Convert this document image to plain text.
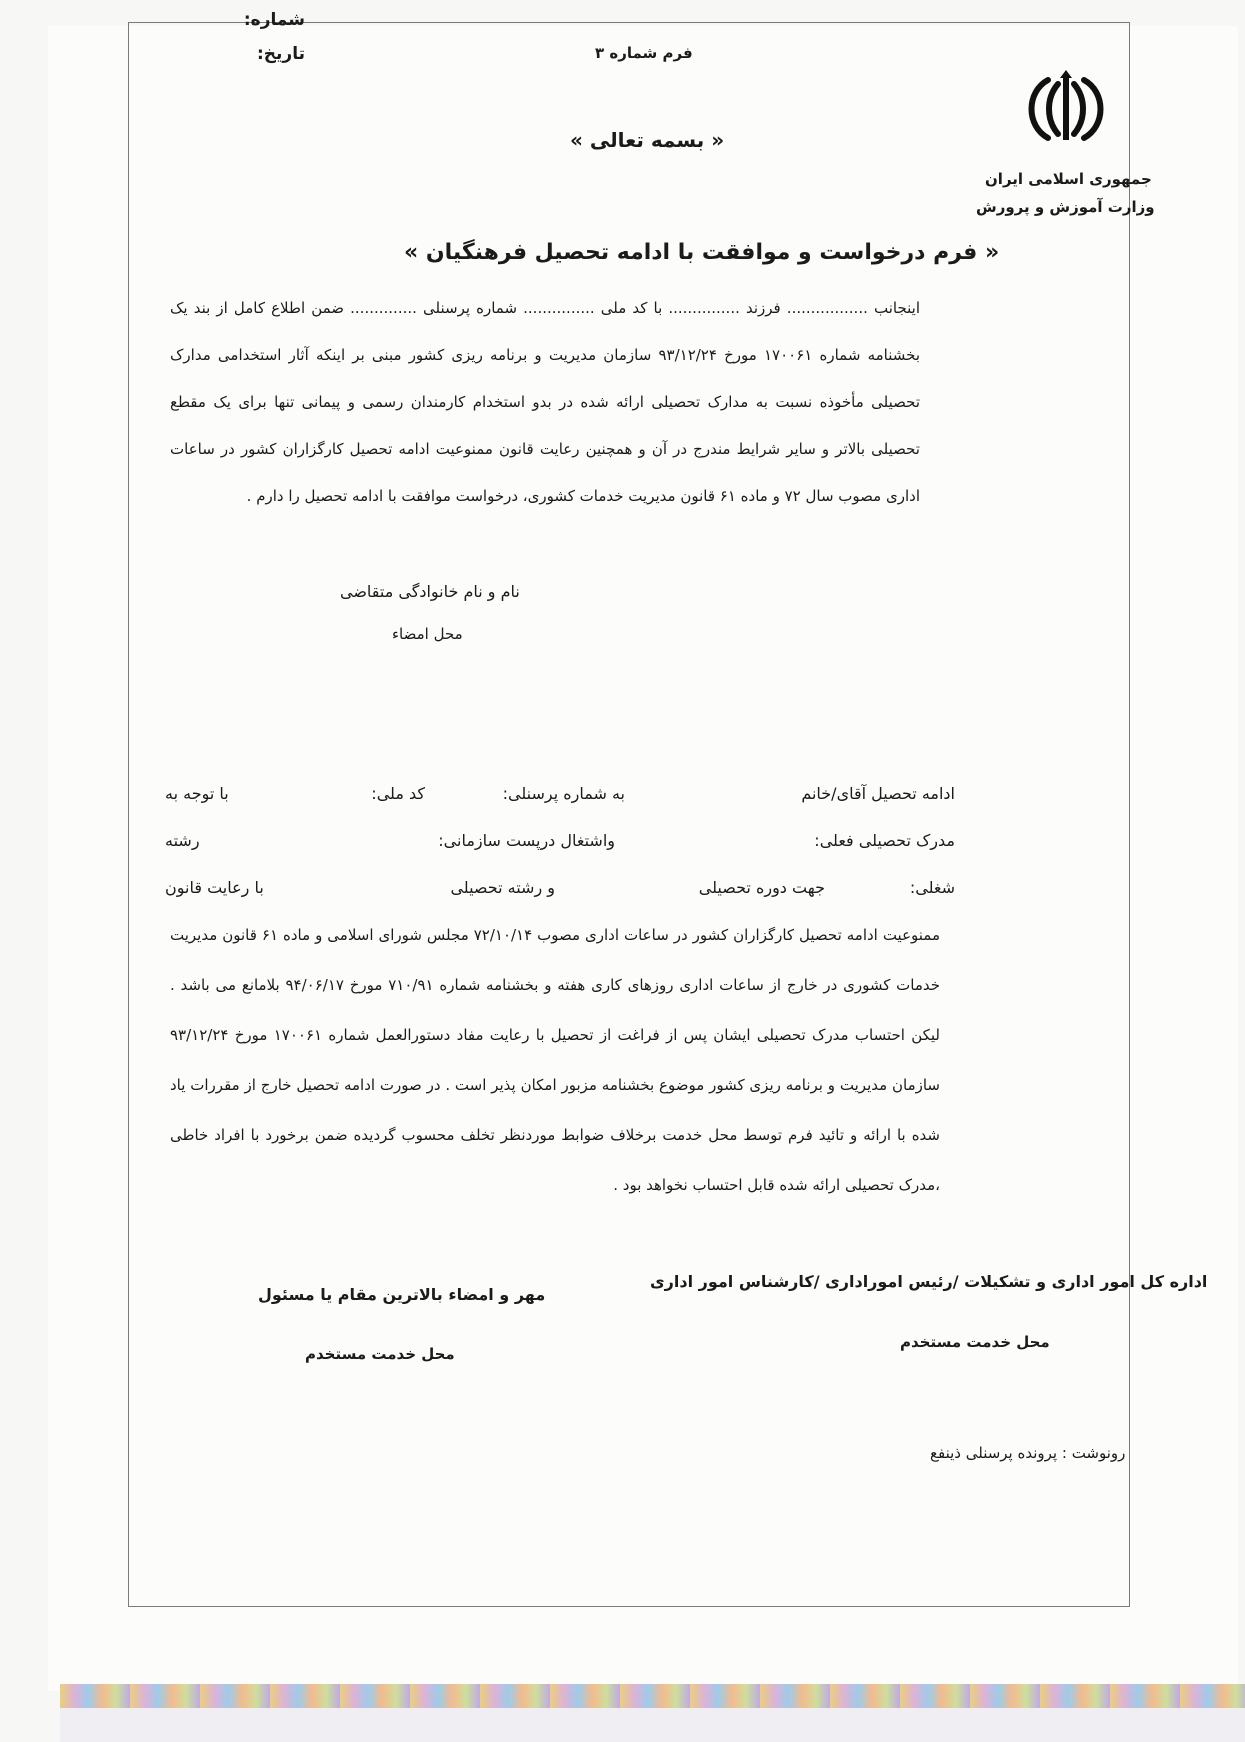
شماره:
تاریخ:	فرم شماره ۳
« بسمه تعالی »
جمهوری اسلامی ایران
وزارت آموزش و پرورش
« فرم درخواست و موافقت با ادامه تحصیل فرهنگیان »
اینجانب ................. فرزند ............... با کد ملی ............... شماره پرسنلی .............. ضمن اطلاع کامل از بند یک بخشنامه شماره ۱۷۰۰۶۱ مورخ ۹۳/۱۲/۲۴ سازمان مدیریت و برنامه ریزی کشور مبنی بر اینکه آثار استخدامی مدارک تحصیلی مأخوذه نسبت به مدارک تحصیلی ارائه شده در بدو استخدام کارمندان رسمی و پیمانی تنها برای یک مقطع تحصیلی بالاتر و سایر شرایط مندرج در آن و همچنین رعایت قانون ممنوعیت ادامه تحصیل کارگزاران کشور در ساعات اداری مصوب سال ۷۲ و ماده ۶۱ قانون مدیریت خدمات کشوری، درخواست موافقت با ادامه تحصیل را دارم .
نام و نام خانوادگی متقاضی
محل امضاء
ادامه تحصیل آقای/خانم
به شماره پرسنلی:
کد ملی:
با توجه به
مدرک تحصیلی فعلی:
واشتغال درپست سازمانی:
رشته
شغلی:
جهت دوره تحصیلی
و رشته تحصیلی
با رعایت قانون
ممنوعیت ادامه تحصیل کارگزاران کشور در ساعات اداری مصوب ۷۲/۱۰/۱۴ مجلس شورای اسلامی و ماده ۶۱ قانون مدیریت خدمات کشوری در خارج از ساعات اداری روزهای کاری هفته و بخشنامه شماره ۷۱۰/۹۱ مورخ ۹۴/۰۶/۱۷ بلامانع می باشد . لیکن احتساب مدرک تحصیلی ایشان پس از فراغت از تحصیل با رعایت مفاد دستورالعمل شماره ۱۷۰۰۶۱ مورخ ۹۳/۱۲/۲۴ سازمان مدیریت و برنامه ریزی کشور موضوع بخشنامه مزبور امکان پذیر است . در صورت ادامه تحصیل خارج از مقررات یاد شده با ارائه و تائید فرم توسط محل خدمت برخلاف ضوابط موردنظر تخلف محسوب گردیده ضمن برخورد با افراد خاطی ،مدرک تحصیلی ارائه شده قابل احتساب نخواهد بود .
مهر و امضاء بالاترین مقام یا مسئول
محل خدمت مستخدم
اداره کل امور اداری و تشکیلات /رئیس اموراداری /کارشناس امور اداری
محل خدمت مستخدم
رونوشت : پرونده پرسنلی ذینفع
